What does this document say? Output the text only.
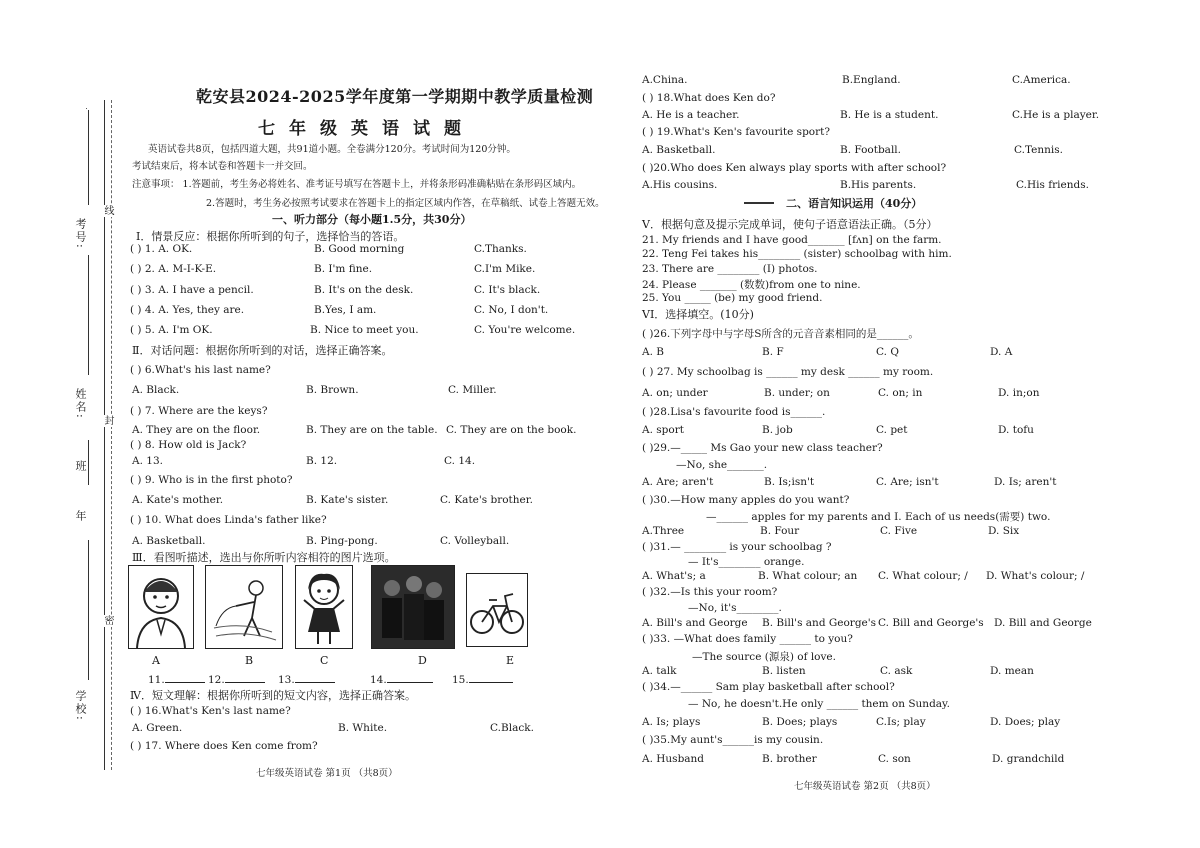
考号:
姓名:
班
年
学校:
线
封
密
乾安县2024-2025学年度第一学期期中教学质量检测
七年级英语试题
英语试卷共8页，包括四道大题，共91道小题。全卷满分120分。考试时间为120分钟。
考试结束后，将本试卷和答题卡一并交回。
注意事项： 1.答题前，考生务必将姓名、准考证号填写在答题卡上，并将条形码准确粘贴在条形码区域内。
2.答题时，考生务必按照考试要求在答题卡上的指定区域内作答，在草稿纸、试卷上答题无效。
一、听力部分（每小题1.5分，共30分）
Ⅰ．情景反应：根据你所听到的句子，选择恰当的答语。
( ) 1. A. OK.	B. Good morning	C.Thanks.
( ) 2. A. M-I-K-E.	B. I'm fine.	C.I'm Mike.
( ) 3. A. I have a pencil.	B. It's on the desk.	C. It's black.
( ) 4. A. Yes, they are.	B.Yes, I am.	C. No, I don't.
( ) 5. A. I'm OK.	B. Nice to meet you.	C. You're welcome.
Ⅱ．对话问题：根据你所听到的对话，选择正确答案。
( ) 6.What's his last name?
A. Black.	B. Brown.	C. Miller.
( ) 7. Where are the keys?
A. They are on the floor.	B. They are on the table. C. They are on the book.
( ) 8. How old is Jack?
A. 13.	B. 12.	C. 14.
( ) 9. Who is in the first photo?
A. Kate's mother.	B. Kate's sister.	C. Kate's brother.
( ) 10. What does Linda's father like?
A. Basketball.	B. Ping-pong.	C. Volleyball.
Ⅲ．看图听描述，选出与你所听内容相符的图片选项。
A	B	C	D	E
11.	12.	13.	14.	15.
Ⅳ．短文理解：根据你所听到的短文内容，选择正确答案。
( ) 16.What's Ken's last name?
A. Green.	B. White.	C.Black.
( ) 17. Where does Ken come from?
七年级英语试卷 第1页 （共8页）
A.China.	B.England.	C.America.
( ) 18.What does Ken do?
A. He is a teacher.	B. He is a student.	C.He is a player.
( ) 19.What's Ken's favourite sport?
A. Basketball.	B. Football.	C.Tennis.
( )20.Who does Ken always play sports with after school?
A.His cousins.	B.His parents.	C.His friends.
二、语言知识运用（40分）
V．根据句意及提示完成单词，使句子语意语法正确。（5分）
21. My friends and I have good_______ [fʌn] on the farm.
22. Teng Fei takes his________ (sister) schoolbag with him.
23. There are ________ (I) photos.
24. Please _______ (数数)from one to nine.
25. You _____ (be) my good friend.
VI．选择填空。(10分)
( )26.下列字母中与字母S所含的元音音素相同的是______。
A. B	B. F	C. Q	D. A
( ) 27. My schoolbag is ______ my desk ______ my room.
A. on; under	B. under; on	C. on; in	D. in;on
( )28.Lisa's favourite food is______.
A. sport	B. job	C. pet	D. tofu
( )29.—_____ Ms Gao your new class teacher?
—No, she_______.
A. Are; aren't	B. Is;isn't	C. Are; isn't	D. Is; aren't
( )30.—How many apples do you want?
—______ apples for my parents and I. Each of us needs(需要) two.
A.Three	B. Four	C. Five	D. Six
( )31.— ________ is your schoolbag ?
— It's________ orange.
A. What's; a	B. What colour; an C. What colour; / D. What's colour; /
( )32.—Is this your room?
—No, it's________.
A. Bill's and George B. Bill's and George's C. Bill and George's D. Bill and George
( )33. —What does family ______ to you?
—The source (源泉) of love.
A. talk	B. listen	C. ask	D. mean
( )34.—______ Sam play basketball after school?
— No, he doesn't.He only ______ them on Sunday.
A. Is; plays	B. Does; plays	C.Is; play	D. Does; play
( )35.My aunt's______is my cousin.
A. Husband	B. brother	C. son	D. grandchild
七年级英语试卷 第2页 （共8页）
